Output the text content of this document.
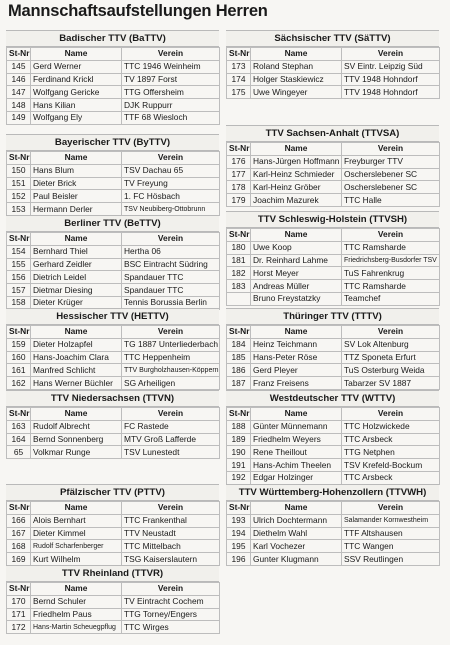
Mannschaftsaufstellungen Herren
Badischer TTV (BaTTV)
St-Nr	Name	Verein
145	Gerd Werner	TTC 1946 Weinheim
146	Ferdinand Krickl	TV 1897 Forst
147	Wolfgang Gericke	TTG Offersheim
148	Hans Kilian	DJK Ruppurr
149	Wolfgang Ely	TTF 68 Wiesloch
Bayerischer TTV (ByTTV)
St-Nr	Name	Verein
150	Hans Blum	TSV Dachau 65
151	Dieter Brick	TV Freyung
152	Paul Beisler	1. FC Hösbach
153	Hermann Derler	TSV Neubiberg-Ottobrunn
Berliner TTV (BeTTV)
St-Nr	Name	Verein
154	Bernhard Thiel	Hertha 06
155	Gerhard Zeidler	BSC Eintracht Südring
156	Dietrich Leidel	Spandauer TTC
157	Dietmar Diesing	Spandauer TTC
158	Dieter Krüger	Tennis Borussia Berlin
Hessischer TTV (HETTV)
St-Nr	Name	Verein
159	Dieter Holzapfel	TG 1887 Unterliederbach
160	Hans-Joachim Clara	TTC Heppenheim
161	Manfred Schlicht	TTV Burgholzhausen-Köppern
162	Hans Werner Büchler	SG Arheiligen
TTV Niedersachsen (TTVN)
St-Nr	Name	Verein
163	Rudolf Albrecht	FC Rastede
164	Bernd Sonnenberg	MTV Groß Lafferde
65	Volkmar Runge	TSV Lunestedt
Pfälzischer TTV (PTTV)
St-Nr	Name	Verein
166	Alois Bernhart	TTC Frankenthal
167	Dieter Kimmel	TTV Neustadt
168	Rudolf Scharfenberger	TTC Mittelbach
169	Kurt Wilhelm	TSG Kaiserslautern
TTV Rheinland (TTVR)
St-Nr	Name	Verein
170	Bernd Schuler	TV Eintracht Cochem
171	Friedhelm Paus	TTG Torney/Engers
172	Hans-Martin Scheuegpflug	TTC Wirges
Sächsischer TTV (SäTTV)
St-Nr	Name	Verein
173	Roland Stephan	SV Eintr. Leipzig Süd
174	Holger Staskiewicz	TTV 1948 Hohndorf
175	Uwe Wingeyer	TTV 1948 Hohndorf
TTV Sachsen-Anhalt (TTVSA)
St-Nr	Name	Verein
176	Hans-Jürgen Hoffmann	Freyburger TTV
177	Karl-Heinz Schmieder	Oscherslebener SC
178	Karl-Heinz Gröber	Oscherslebener SC
179	Joachim Mazurek	TTC Halle
TTV Schleswig-Holstein (TTVSH)
St-Nr	Name	Verein
180	Uwe Koop	TTC Ramsharde
181	Dr. Reinhard Lahme	Friedrichsberg-Busdorfer TSV
182	Horst Meyer	TuS Fahrenkrug
183	Andreas Müller	TTC Ramsharde
	Bruno Freystatzky	Teamchef
Thüringer TTV (TTTV)
St-Nr	Name	Verein
184	Heinz Teichmann	SV Lok Altenburg
185	Hans-Peter Röse	TTZ Sponeta Erfurt
186	Gerd Pleyer	TuS Osterburg Weida
187	Franz Freisens	Tabarzer SV 1887
Westdeutscher TTV (WTTV)
St-Nr	Name	Verein
188	Günter Münnemann	TTC Holzwickede
189	Friedhelm Weyers	TTC Arsbeck
190	Rene Theillout	TTG Netphen
191	Hans-Achim Theelen	TSV Krefeld-Bockum
192	Edgar Holzinger	TTC Arsbeck
TTV Württemberg-Hohenzollern (TTVWH)
St-Nr	Name	Verein
193	Ulrich Dochtermann	Salamander Kornwestheim
194	Diethelm Wahl	TTF Altshausen
195	Karl Vochezer	TTC Wangen
196	Gunter Klugmann	SSV Reutlingen
